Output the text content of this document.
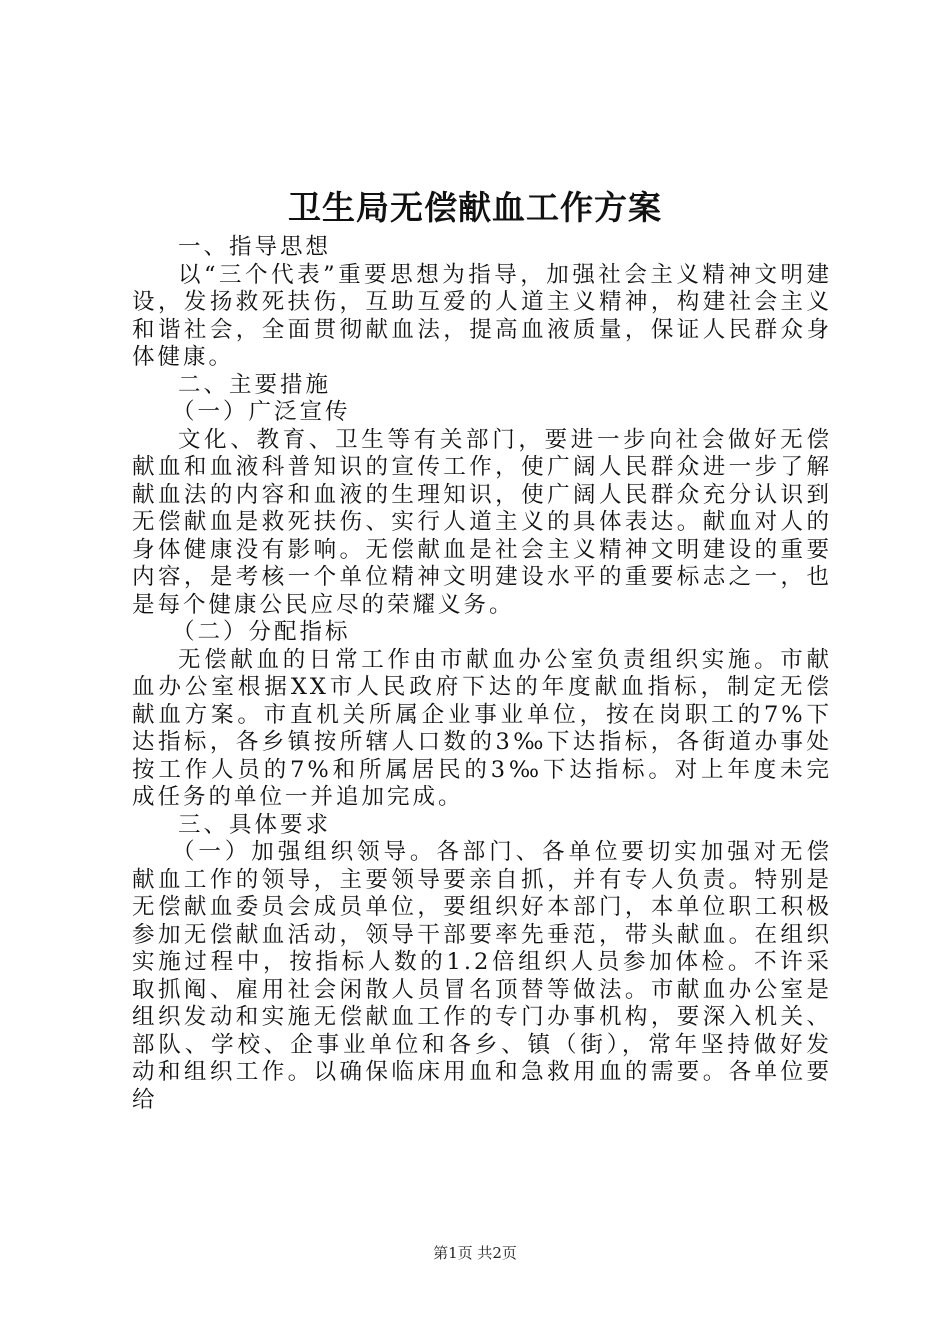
卫生局无偿献血工作方案

一、指导思想

以“三个代表”重要思想为指导，加强社会主义精神文明建设，发扬救死扶伤，互助互爱的人道主义精神，构建社会主义和谐社会，全面贯彻献血法，提高血液质量，保证人民群众身体健康。

二、主要措施

（一）广泛宣传

文化、教育、卫生等有关部门，要进一步向社会做好无偿献血和血液科普知识的宣传工作，使广阔人民群众进一步了解献血法的内容和血液的生理知识，使广阔人民群众充分认识到无偿献血是救死扶伤、实行人道主义的具体表达。献血对人的身体健康没有影响。无偿献血是社会主义精神文明建设的重要内容，是考核一个单位精神文明建设水平的重要标志之一，也是每个健康公民应尽的荣耀义务。

（二）分配指标

无偿献血的日常工作由市献血办公室负责组织实施。市献血办公室根据XX市人民政府下达的年度献血指标，制定无偿献血方案。市直机关所属企业事业单位，按在岗职工的7%下达指标，各乡镇按所辖人口数的3‰下达指标，各街道办事处按工作人员的7%和所属居民的3‰下达指标。对上年度未完成任务的单位一并追加完成。

三、具体要求

（一）加强组织领导。各部门、各单位要切实加强对无偿献血工作的领导，主要领导要亲自抓，并有专人负责。特别是无偿献血委员会成员单位，要组织好本部门，本单位职工积极参加无偿献血活动，领导干部要率先垂范，带头献血。在组织实施过程中，按指标人数的1.2倍组织人员参加体检。不许采取抓阄、雇用社会闲散人员冒名顶替等做法。市献血办公室是组织发动和实施无偿献血工作的专门办事机构，要深入机关、部队、学校、企事业单位和各乡、镇（街），常年坚持做好发动和组织工作。以确保临床用血和急救用血的需要。各单位要给

第1页 共2页
